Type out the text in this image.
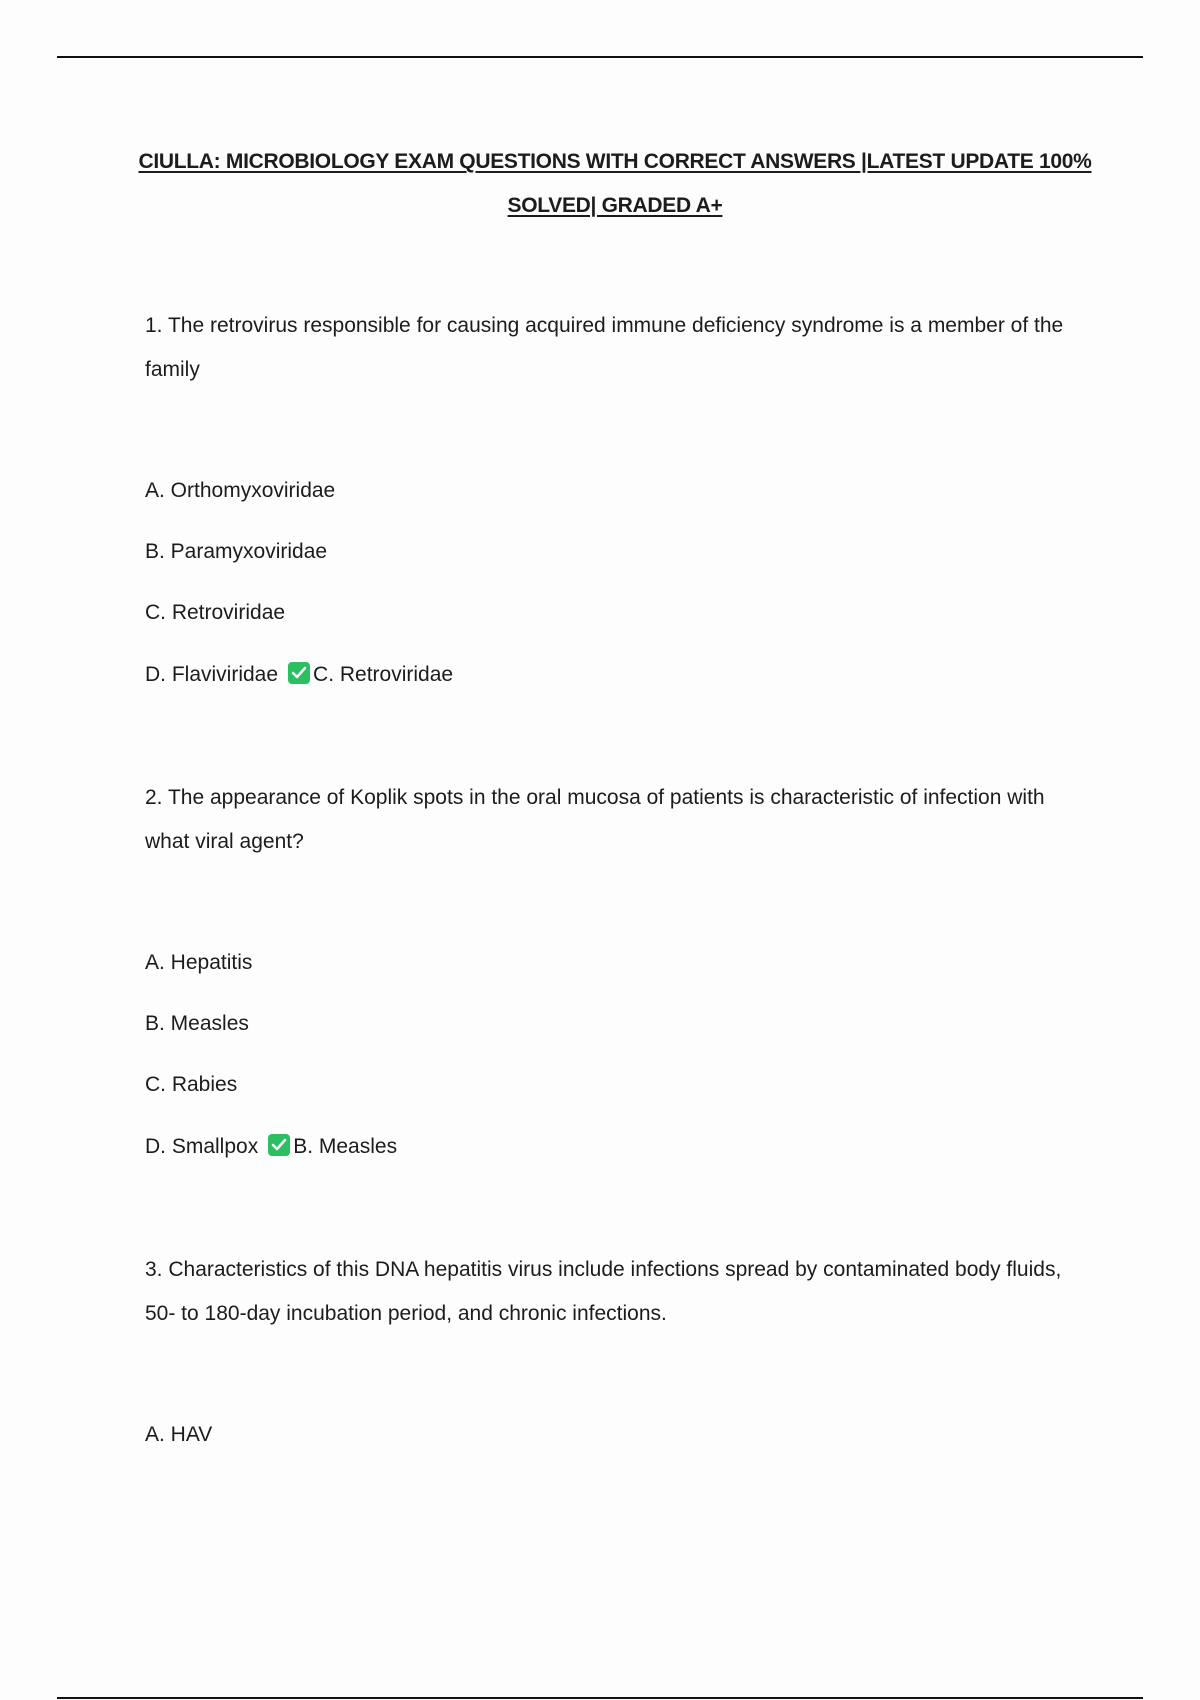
CIULLA: MICROBIOLOGY EXAM QUESTIONS WITH CORRECT ANSWERS |LATEST UPDATE 100%
SOLVED| GRADED A+

1. The retrovirus responsible for causing acquired immune deficiency syndrome is a member of the family

A. Orthomyxoviridae
B. Paramyxoviridae
C. Retroviridae
D. Flaviviridae C. Retroviridae

2. The appearance of Koplik spots in the oral mucosa of patients is characteristic of infection with what viral agent?

A. Hepatitis
B. Measles
C. Rabies
D. Smallpox B. Measles

3. Characteristics of this DNA hepatitis virus include infections spread by contaminated body fluids, 50- to 180-day incubation period, and chronic infections.

A. HAV
